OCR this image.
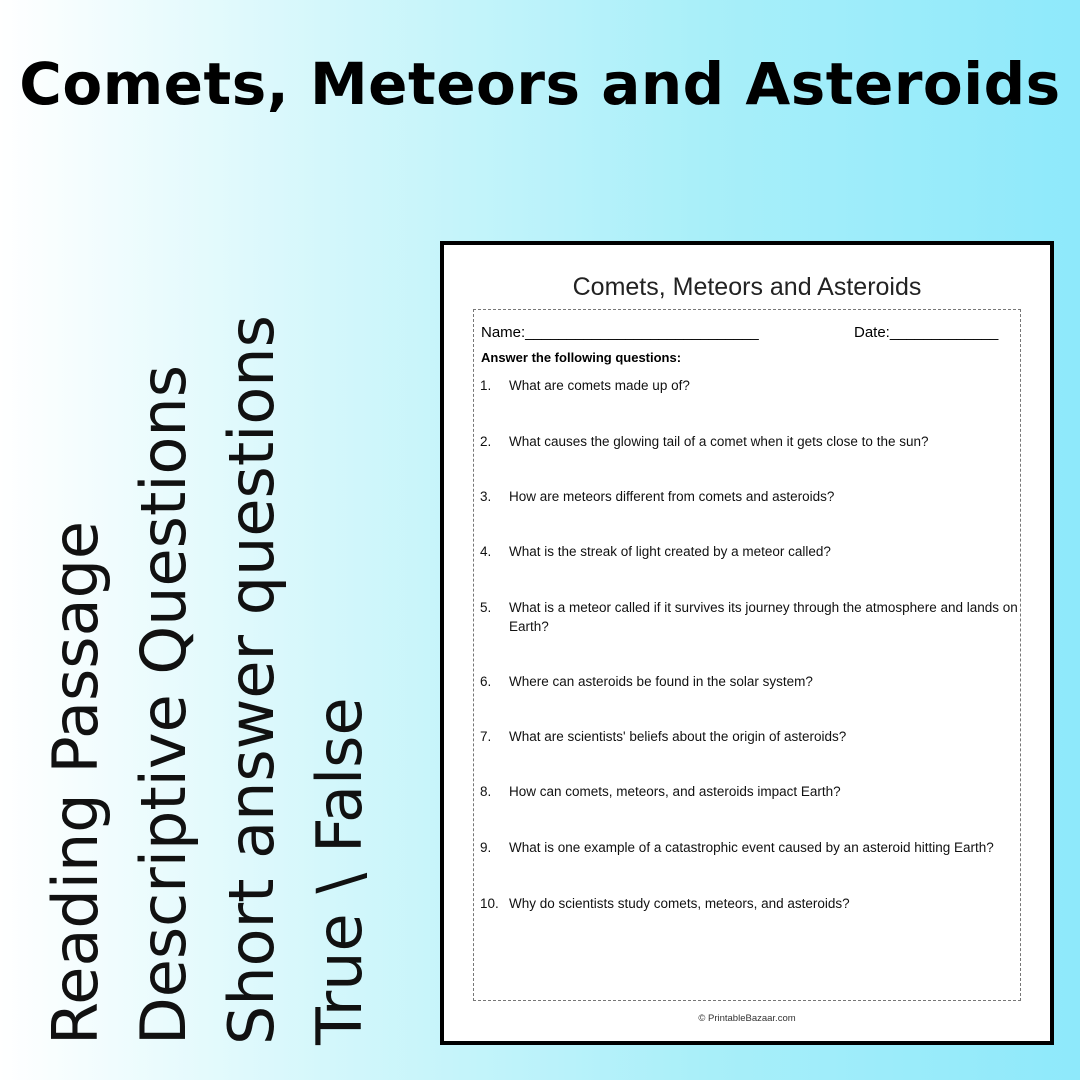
Comets, Meteors and Asteroids
Reading Passage Descriptive Questions Short answer questions True \ False
Comets, Meteors and Asteroids
Name:____________________________	Date:_____________
Answer the following questions:
1. What are comets made up of?
2. What causes the glowing tail of a comet when it gets close to the sun?
3. How are meteors different from comets and asteroids?
4. What is the streak of light created by a meteor called?
5. What is a meteor called if it survives its journey through the atmosphere and lands on Earth?
6. Where can asteroids be found in the solar system?
7. What are scientists' beliefs about the origin of asteroids?
8. How can comets, meteors, and asteroids impact Earth?
9. What is one example of a catastrophic event caused by an asteroid hitting Earth?
10. Why do scientists study comets, meteors, and asteroids?
© PrintableBazaar.com
